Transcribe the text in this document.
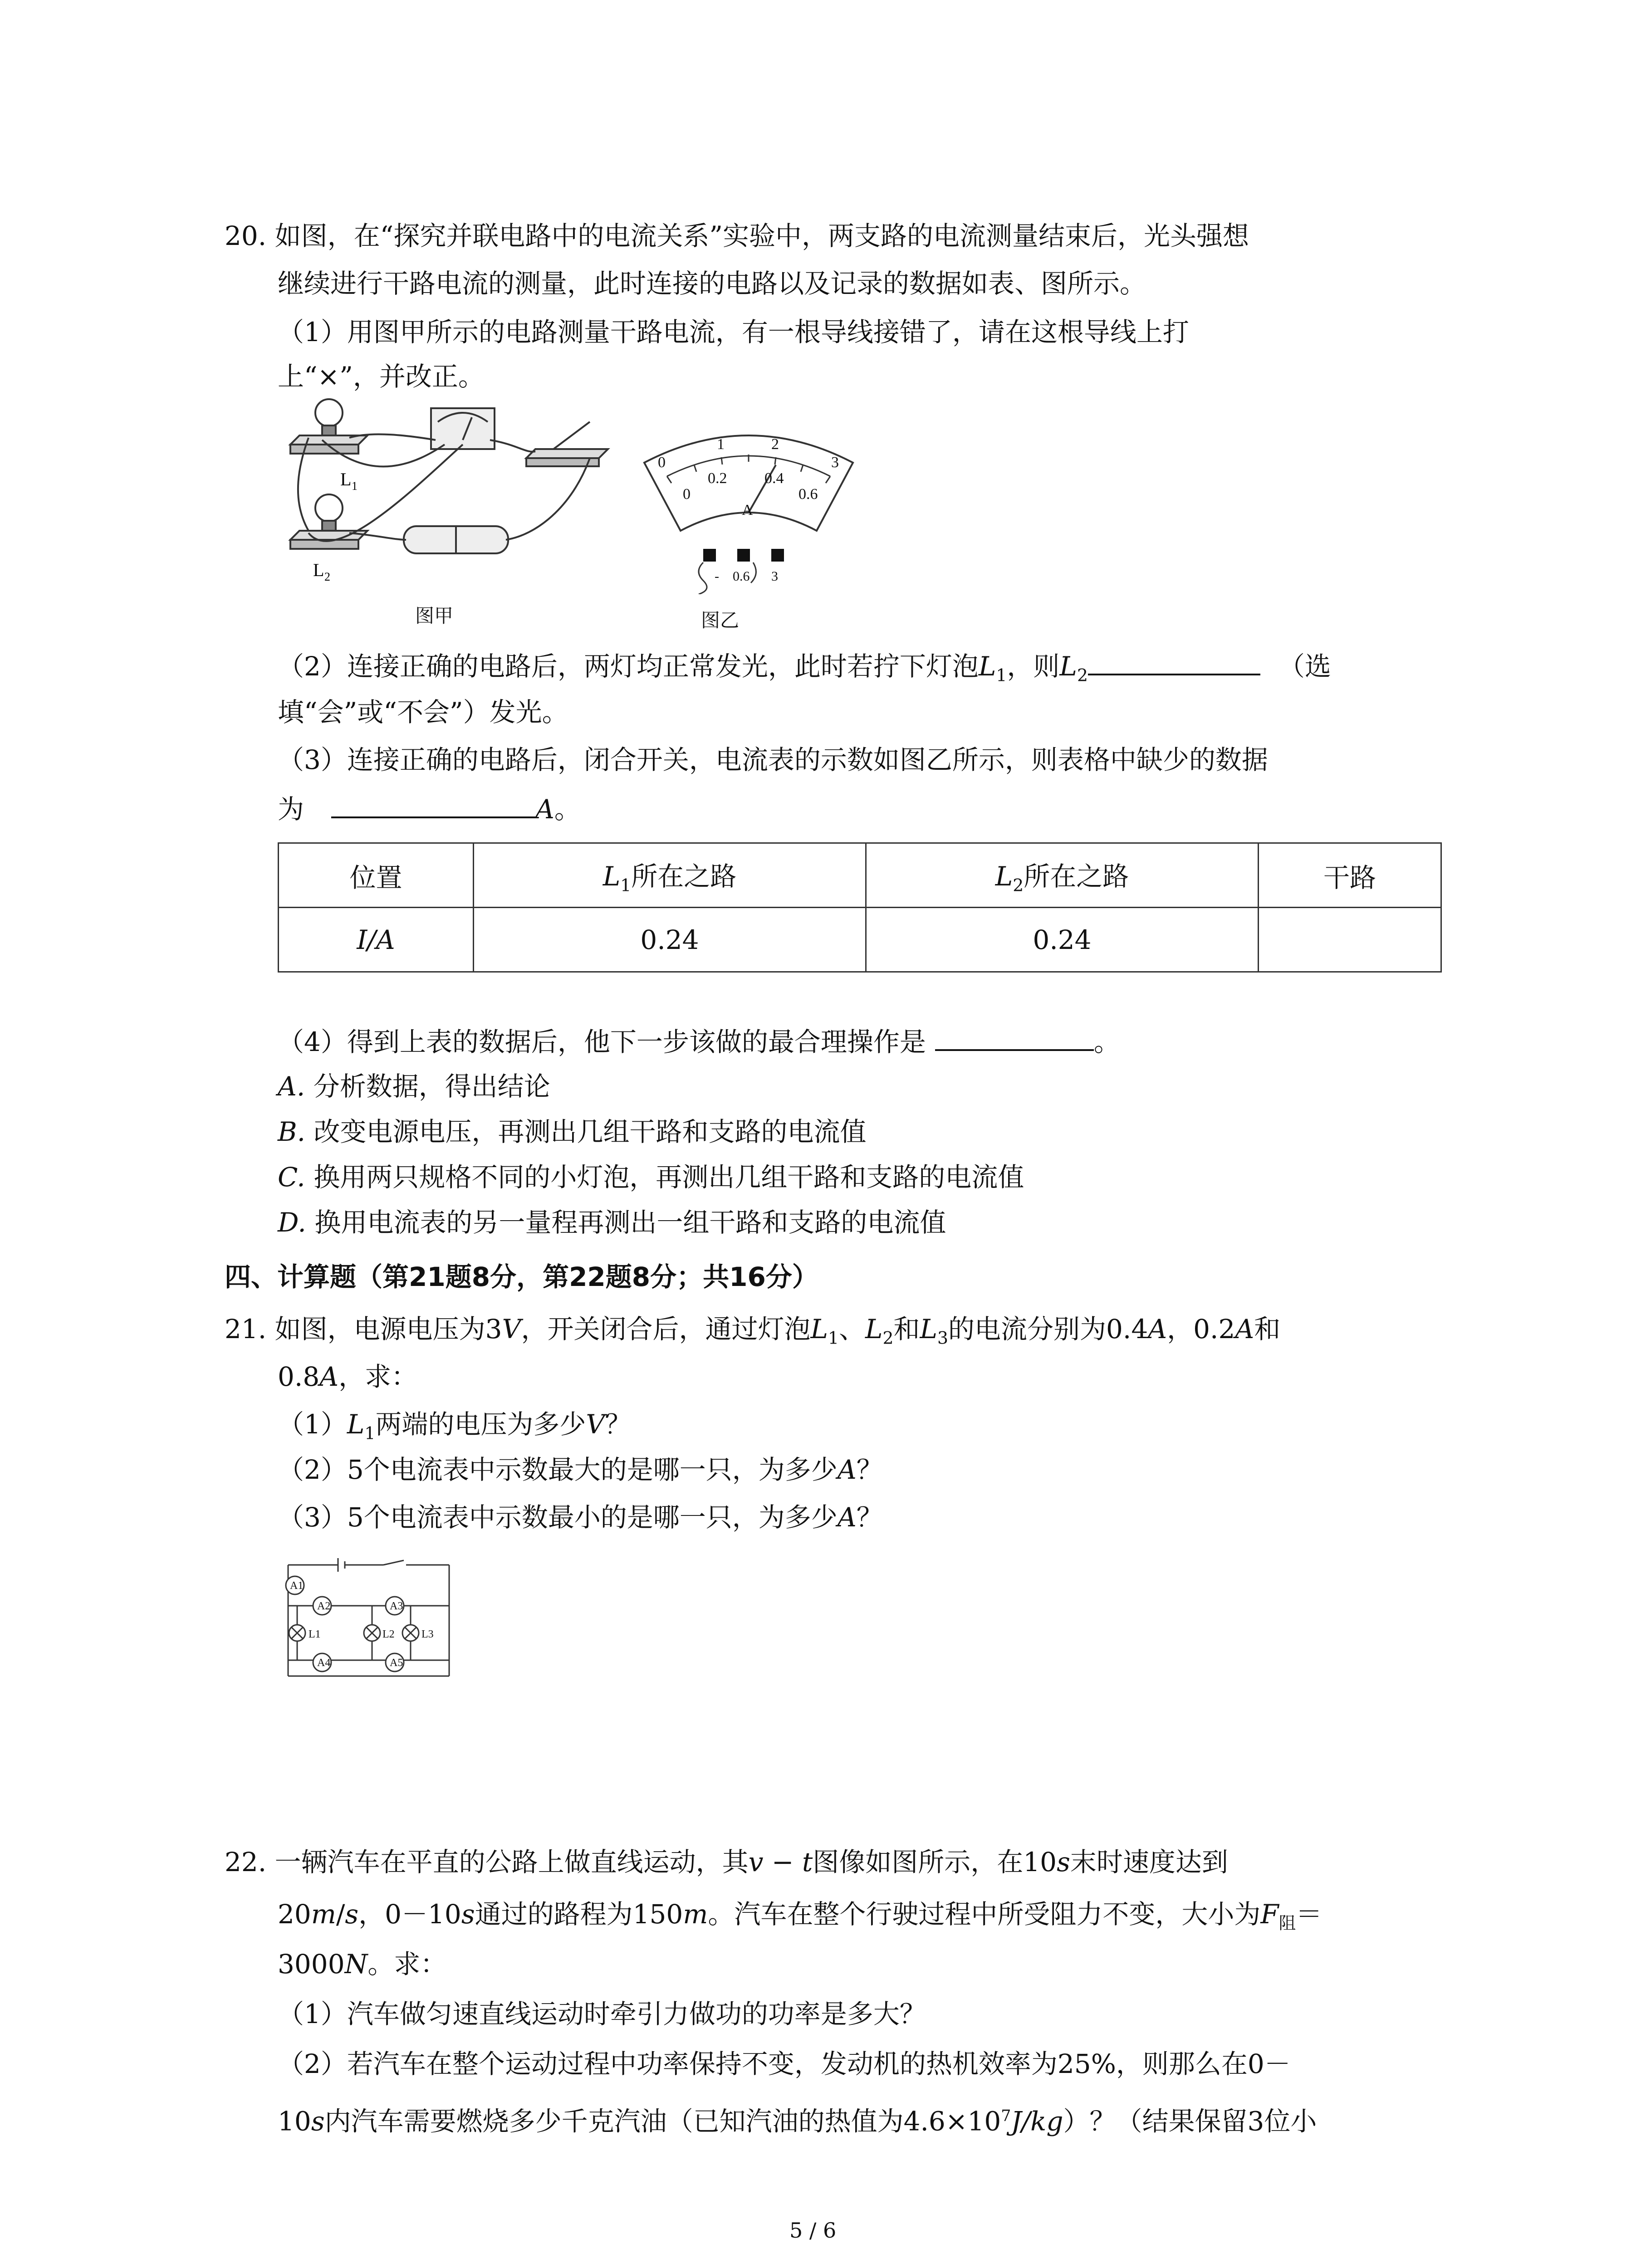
20. 如图，在“探究并联电路中的电流关系”实验中，两支路的电流测量结束后，光头强想
继续进行干路电流的测量，此时连接的电路以及记录的数据如表、图所示。
（1）用图甲所示的电路测量干路电流，有一根导线接错了，请在这根导线上打
上“×”，并改正。
L 1
L 2
图甲
0
1	2
3
0
0.2 0.4
0.6
A
- 0.6 3
图乙
（2）连接正确的电路后，两灯均正常发光，此时若拧下灯泡$L_1$，则$L_2$	（选
填“会”或“不会”）发光。
（3）连接正确的电路后，闭合开关，电流表的示数如图乙所示，则表格中缺少的数据
为	A。
位置	$L_1$所在之路	$L_2$所在之路	干路
I/A	0.24	0.24	
（4）得到上表的数据后，他下一步该做的最合理操作是	。
A. 分析数据，得出结论
B. 改变电源电压，再测出几组干路和支路的电流值
C. 换用两只规格不同的小灯泡，再测出几组干路和支路的电流值
D. 换用电流表的另一量程再测出一组干路和支路的电流值
四、计算题（第21题8分，第22题8分；共16分）
21. 如图，电源电压为3V，开关闭合后，通过灯泡$L_1$、$L_2$和$L_3$的电流分别为0.4A，0.2A和
0.8A，求：
$(1)L_1$两端的电压为多少V？
（2）5个电流表中示数最大的是哪一只，为多少A？
（3）5个电流表中示数最小的是哪一只，为多少A？
A1
A2	A3
A4	A5
L1	L2 L3
22. 一辆汽车在平直的公路上做直线运动，其v − t图像如图所示，在10s末时速度达到
20m/s，0－10s通过的路程为150m。汽车在整个行驶过程中所受阻力不变，大小为$F_阻=$
3000N。求：
（1）汽车做匀速直线运动时牵引力做功的功率是多大？
（2）若汽车在整个运动过程中功率保持不变，发动机的热机效率为25%，则那么在0－
10s内汽车需要燃烧多少千克汽油（已知汽油的热值为$4.6\times 10^7J/kg$）？（结果保留3位小
5 / 6
